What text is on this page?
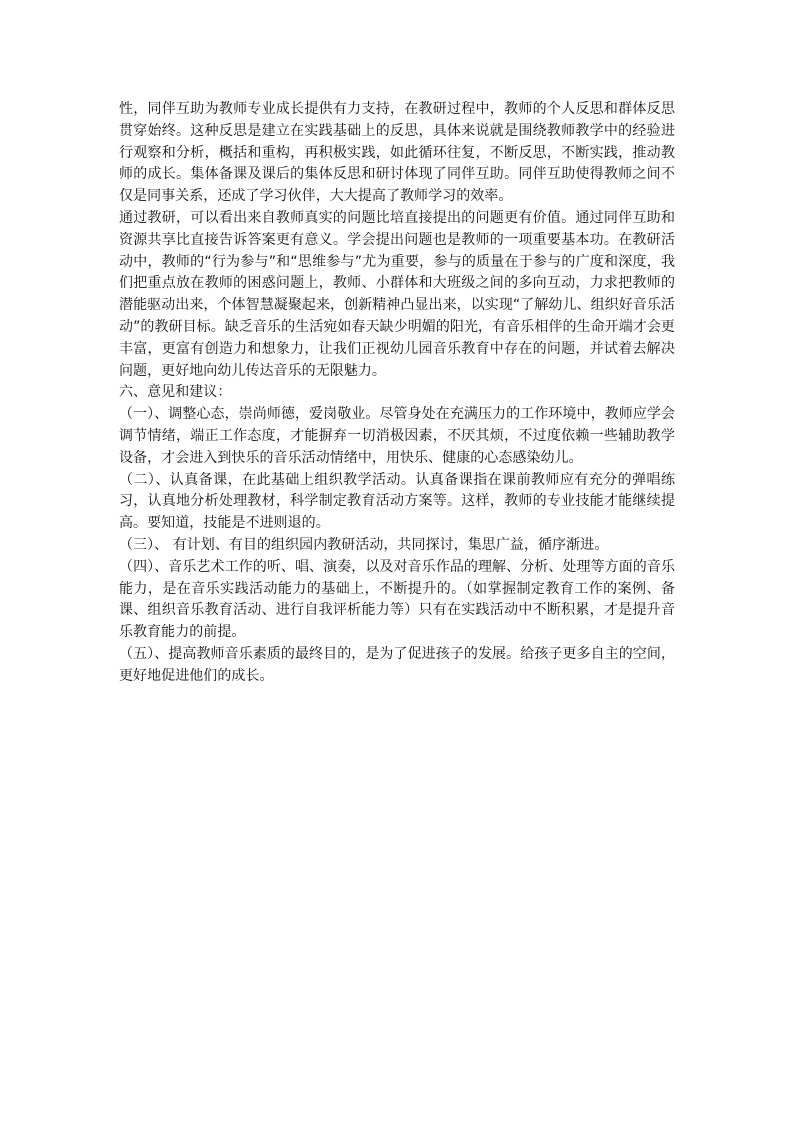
性，同伴互助为教师专业成长提供有力支持，在教研过程中，教师的个人反思和群体反思贯穿始终。这种反思是建立在实践基础上的反思，具体来说就是围绕教师教学中的经验进行观察和分析，概括和重构，再积极实践，如此循环往复，不断反思，不断实践，推动教师的成长。集体备课及课后的集体反思和研讨体现了同伴互助。同伴互助使得教师之间不仅是同事关系，还成了学习伙伴，大大提高了教师学习的效率。

通过教研，可以看出来自教师真实的问题比培直接提出的问题更有价值。通过同伴互助和资源共享比直接告诉答案更有意义。学会提出问题也是教师的一项重要基本功。在教研活动中，教师的“行为参与”和“思维参与”尤为重要，参与的质量在于参与的广度和深度，我们把重点放在教师的困惑问题上，教师、小群体和大班级之间的多向互动，力求把教师的潜能驱动出来，个体智慧凝聚起来，创新精神凸显出来，以实现“了解幼儿、组织好音乐活动”的教研目标。缺乏音乐的生活宛如春天缺少明媚的阳光，有音乐相伴的生命开端才会更丰富，更富有创造力和想象力，让我们正视幼儿园音乐教育中存在的问题，并试着去解决问题，更好地向幼儿传达音乐的无限魅力。

六、意见和建议：

（一）、调整心态，崇尚师德，爱岗敬业。尽管身处在充满压力的工作环境中，教师应学会调节情绪，端正工作态度，才能摒弃一切消极因素，不厌其烦，不过度依赖一些辅助教学设备，才会进入到快乐的音乐活动情绪中，用快乐、健康的心态感染幼儿。

（二）、认真备课，在此基础上组织教学活动。认真备课指在课前教师应有充分的弹唱练习，认真地分析处理教材，科学制定教育活动方案等。这样，教师的专业技能才能继续提高。要知道，技能是不进则退的。

（三）、 有计划、有目的组织园内教研活动，共同探讨，集思广益，循序渐进。

（四）、音乐艺术工作的听、唱、演奏，以及对音乐作品的理解、分析、处理等方面的音乐能力，是在音乐实践活动能力的基础上，不断提升的。（如掌握制定教育工作的案例、备课、组织音乐教育活动、进行自我评析能力等）只有在实践活动中不断积累，才是提升音乐教育能力的前提。

（五）、提高教师音乐素质的最终目的，是为了促进孩子的发展。给孩子更多自主的空间，更好地促进他们的成长。
